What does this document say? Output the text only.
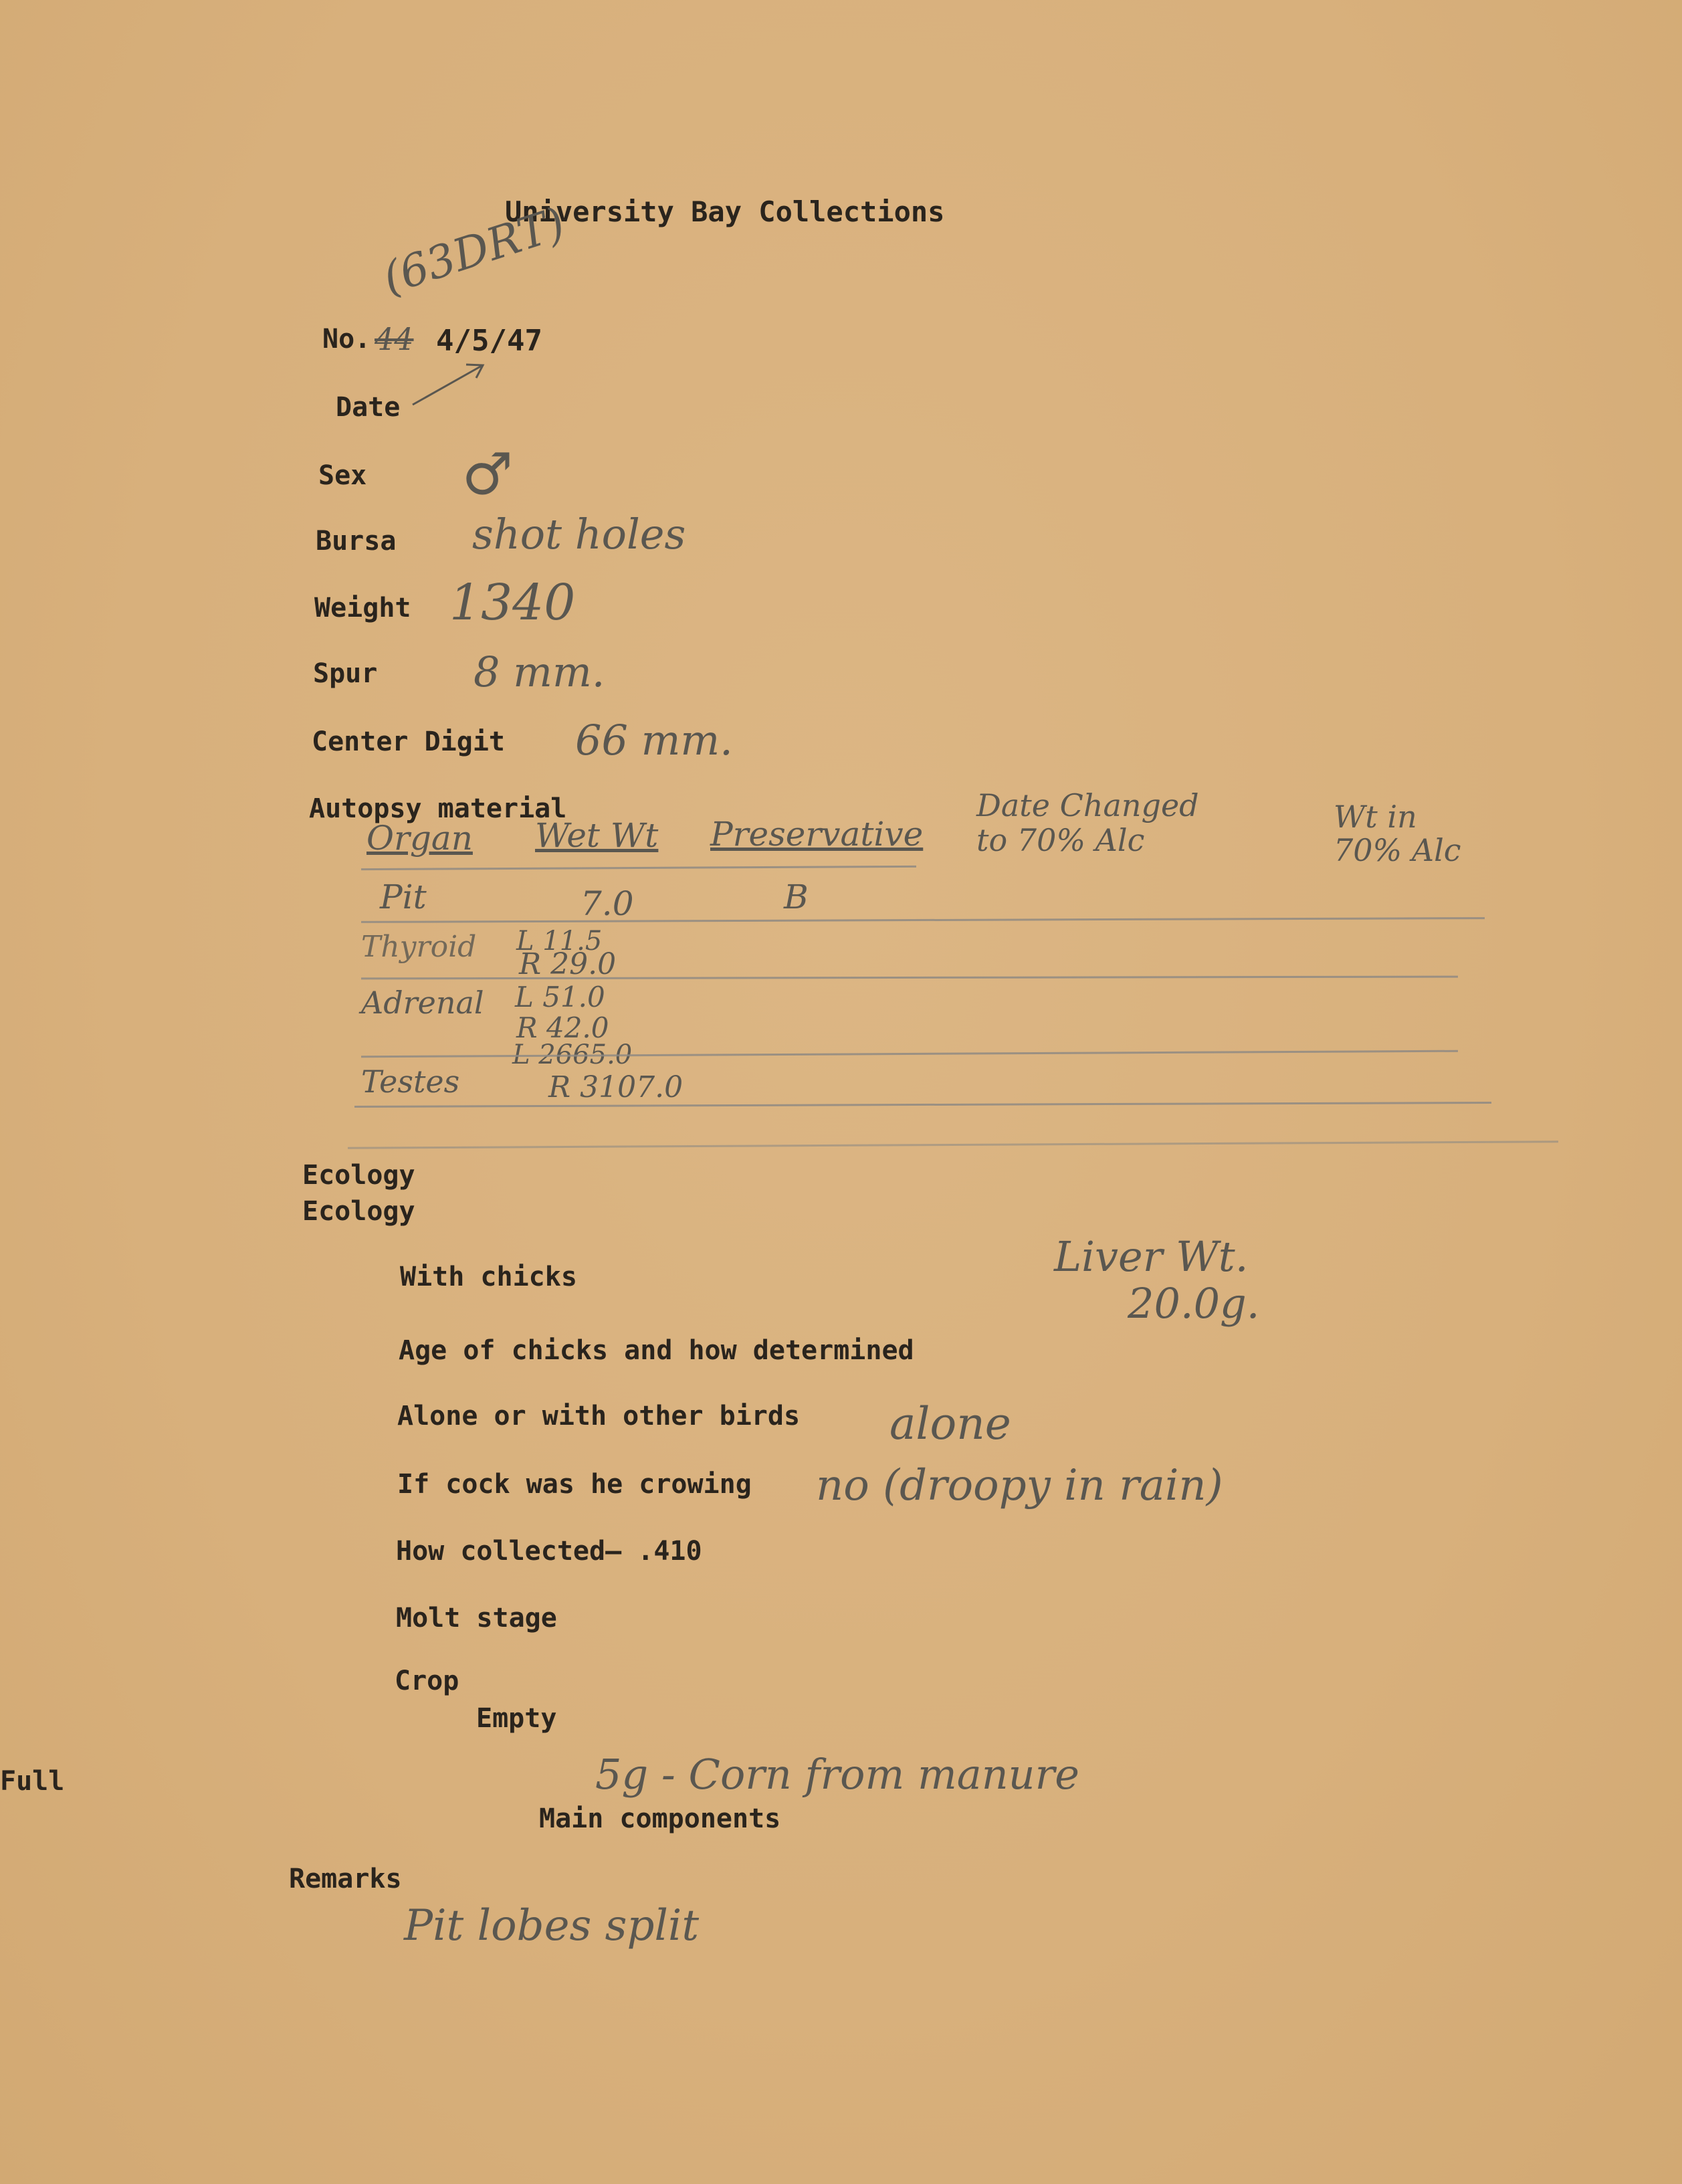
University Bay Collections
No. 44
(63DRT)
4/5/47
Date
Sex ♂
Bursa shot holes
Weight 1340
Spur 8 mm.
Center Digit 66 mm.
Autopsy material
Organ Wet Wt Preservative
Date Changed to 70% Alc
Wt in 70% Alc
Pit	7.0	B
Thyroid L 11.5
R 29.0
Adrenal L 51.0
R 42.0
Testes
L 2665.0
R 3107.0
Ecology
Ecology
With chicks	Liver Wt.
20.0g.
Age of chicks and how determined
Alone or with other birds alone
If cock was he crowing no (droopy in rain)
How collected— .410
Molt stage
Crop
Empty
Full	5g - Corn from manure
Main components
Remarks
Pit lobes split
